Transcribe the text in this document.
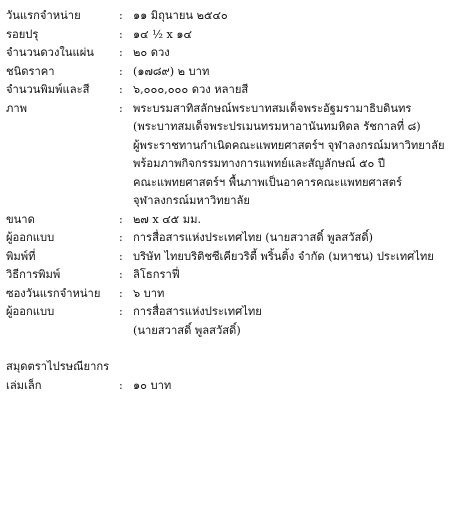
วันแรกจำหน่าย	: ๑๑ มิถุนายน ๒๕๔๐
รอยปรุ	: ๑๔ ½ x ๑๔
จำนวนดวงในแผ่น	: ๒๐ ดวง
ชนิดราคา	: (๑๗๘๙) ๒ บาท
จำนวนพิมพ์และสี	: ๖,๐๐๐,๐๐๐ ดวง หลายสี
ภาพ	: พระบรมสาทิสลักษณ์พระบาทสมเด็จพระอัฐมรามาธิบดินทร
(พระบาทสมเด็จพระปรเมนทรมหาอานันทมหิดล รัชกาลที่ ๘)
ผู้พระราชทานกำเนิดคณะแพทยศาสตร์ฯ จุฬาลงกรณ์มหาวิทยาลัย
พร้อมภาพกิจกรรมทางการแพทย์และสัญลักษณ์ ๕๐ ปี
คณะแพทยศาสตร์ฯ พื้นภาพเป็นอาคารคณะแพทยศาสตร์
จุฬาลงกรณ์มหาวิทยาลัย
ขนาด	: ๒๗ x ๔๕ มม.
ผู้ออกแบบ	: การสื่อสารแห่งประเทศไทย (นายสวาสดิ์ พูลสวัสดิ์)
พิมพ์ที่	: บริษัท ไทยบริติชซีเคียวริตี้ พริ้นติ้ง จำกัด (มหาชน) ประเทศไทย
วิธีการพิมพ์	: ลิโธกราฟี่
ซองวันแรกจำหน่าย	: ๖ บาท
ผู้ออกแบบ	: การสื่อสารแห่งประเทศไทย
(นายสวาสดิ์ พูลสวัสดิ์)
สมุดตราไปรษณียากร
เล่มเล็ก	: ๑๐ บาท
